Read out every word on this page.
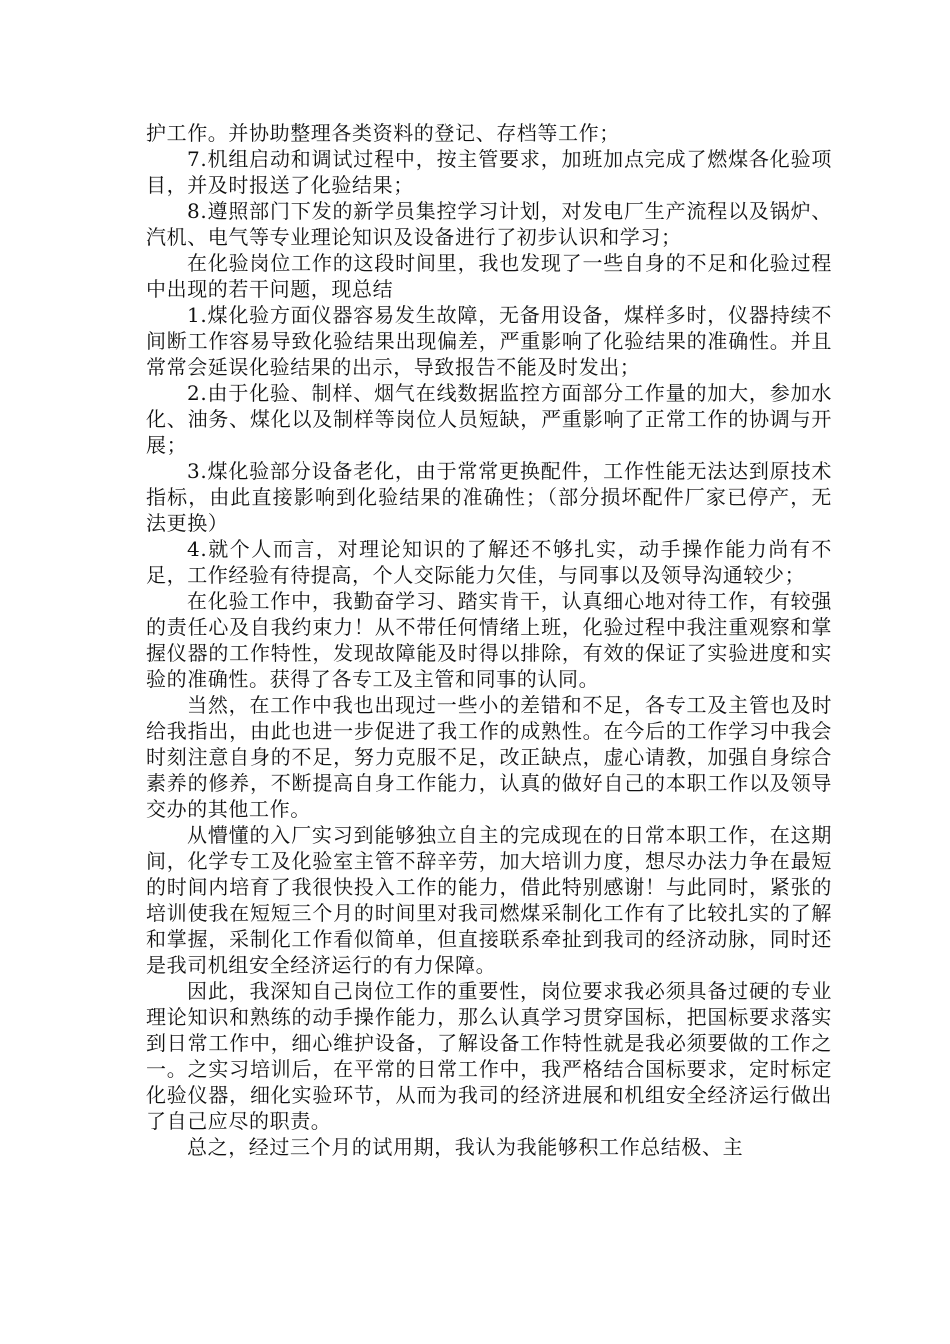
护工作。并协助整理各类资料的登记、存档等工作；

7.机组启动和调试过程中，按主管要求，加班加点完成了燃煤各化验项目，并及时报送了化验结果；

8.遵照部门下发的新学员集控学习计划，对发电厂生产流程以及锅炉、汽机、电气等专业理论知识及设备进行了初步认识和学习；

在化验岗位工作的这段时间里，我也发现了一些自身的不足和化验过程中出现的若干问题，现总结

1.煤化验方面仪器容易发生故障，无备用设备，煤样多时，仪器持续不间断工作容易导致化验结果出现偏差，严重影响了化验结果的准确性。并且常常会延误化验结果的出示，导致报告不能及时发出；

2.由于化验、制样、烟气在线数据监控方面部分工作量的加大，参加水化、油务、煤化以及制样等岗位人员短缺，严重影响了正常工作的协调与开展；

3.煤化验部分设备老化，由于常常更换配件，工作性能无法达到原技术指标，由此直接影响到化验结果的准确性；（部分损坏配件厂家已停产，无法更换）

4.就个人而言，对理论知识的了解还不够扎实，动手操作能力尚有不足，工作经验有待提高，个人交际能力欠佳，与同事以及领导沟通较少；

在化验工作中，我勤奋学习、踏实肯干，认真细心地对待工作，有较强的责任心及自我约束力！从不带任何情绪上班，化验过程中我注重观察和掌握仪器的工作特性，发现故障能及时得以排除，有效的保证了实验进度和实验的准确性。获得了各专工及主管和同事的认同。

当然，在工作中我也出现过一些小的差错和不足，各专工及主管也及时给我指出，由此也进一步促进了我工作的成熟性。在今后的工作学习中我会时刻注意自身的不足，努力克服不足，改正缺点，虚心请教，加强自身综合素养的修养，不断提高自身工作能力，认真的做好自己的本职工作以及领导交办的其他工作。

从懵懂的入厂实习到能够独立自主的完成现在的日常本职工作，在这期间，化学专工及化验室主管不辞辛劳，加大培训力度，想尽办法力争在最短的时间内培育了我很快投入工作的能力，借此特别感谢！与此同时，紧张的培训使我在短短三个月的时间里对我司燃煤采制化工作有了比较扎实的了解和掌握，采制化工作看似简单，但直接联系牵扯到我司的经济动脉，同时还是我司机组安全经济运行的有力保障。

因此，我深知自己岗位工作的重要性，岗位要求我必须具备过硬的专业理论知识和熟练的动手操作能力，那么认真学习贯穿国标，把国标要求落实到日常工作中，细心维护设备，了解设备工作特性就是我必须要做的工作之一。之实习培训后，在平常的日常工作中，我严格结合国标要求，定时标定化验仪器，细化实验环节，从而为我司的经济进展和机组安全经济运行做出了自己应尽的职责。

总之，经过三个月的试用期，我认为我能够积工作总结极、主
